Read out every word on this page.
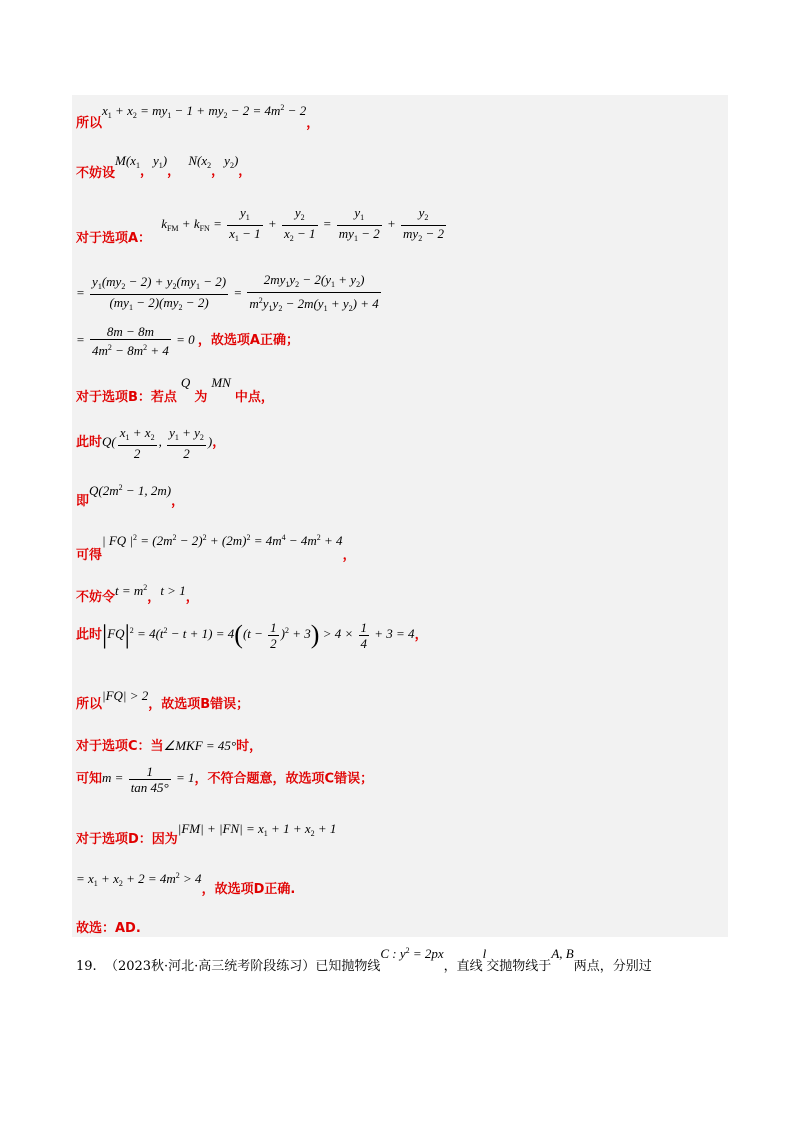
所以$x_1 + x_2 = my_1 - 1 + my_2 - 2 = 4m^2 - 2$，
不妨设$M(x_1$，$y_1$)，  $N(x_2$，$y_2$)，
对于选项A： $k_{FM} + k_{FN} = \frac{y_1}{x_1 - 1} + \frac{y_2}{x_2 - 1} = \frac{y_1}{my_1 - 2} + \frac{y_2}{my_2 - 2}$
= $\frac{y_1(my_2 - 2) + y_2(my_1 - 2)}{(my_1 - 2)(my_2 - 2)} = \frac{2my_1y_2 - 2(y_1 + y_2)}{m^2y_1y_2 - 2m(y_1 + y_2) + 4}$
= $\frac{8m - 8m}{4m^2 - 8m^2 + 4} = 0$ ，故选项A正确；
对于选项B：若点Q为MN中点，
此时$Q( \frac{x_1 + x_2}{2}$ , $\frac{y_1 + y_2}{2}$ )，
即$Q(2m^2 - 1$, 2m)，
可得| FQ $|^2 = (2m^2 - 2)^2 + (2m)^2 = 4m^4 - 4m^2 + 4$，
不妨令$t = m^2$，t > 1，
此时$|FQ|^2 = 4(t^2 - t + 1) = 4((t - \frac{1}{2} )^2 + 3) > 4 \times \frac{1}{4} + 3 = 4$，
所以|FQ| > 2，故选项B错误；
对于选项C：当∠MKF = 45°时，
可知$m = \frac{1}{\tan 45^\circ} = 1$，不符合题意，故选项C错误；
对于选项D：因为$|FM| + |FN| = x_1 + 1 + x_2 + 1$
= $x_1 + x_2 + 2 = 4m^2 > 4$，故选项D正确.
故选：AD.
19. （2023秋·河北·高三统考阶段练习）已知抛物线C : $y^2 = 2px$，直线l交抛物线于A, B两点，分别过
